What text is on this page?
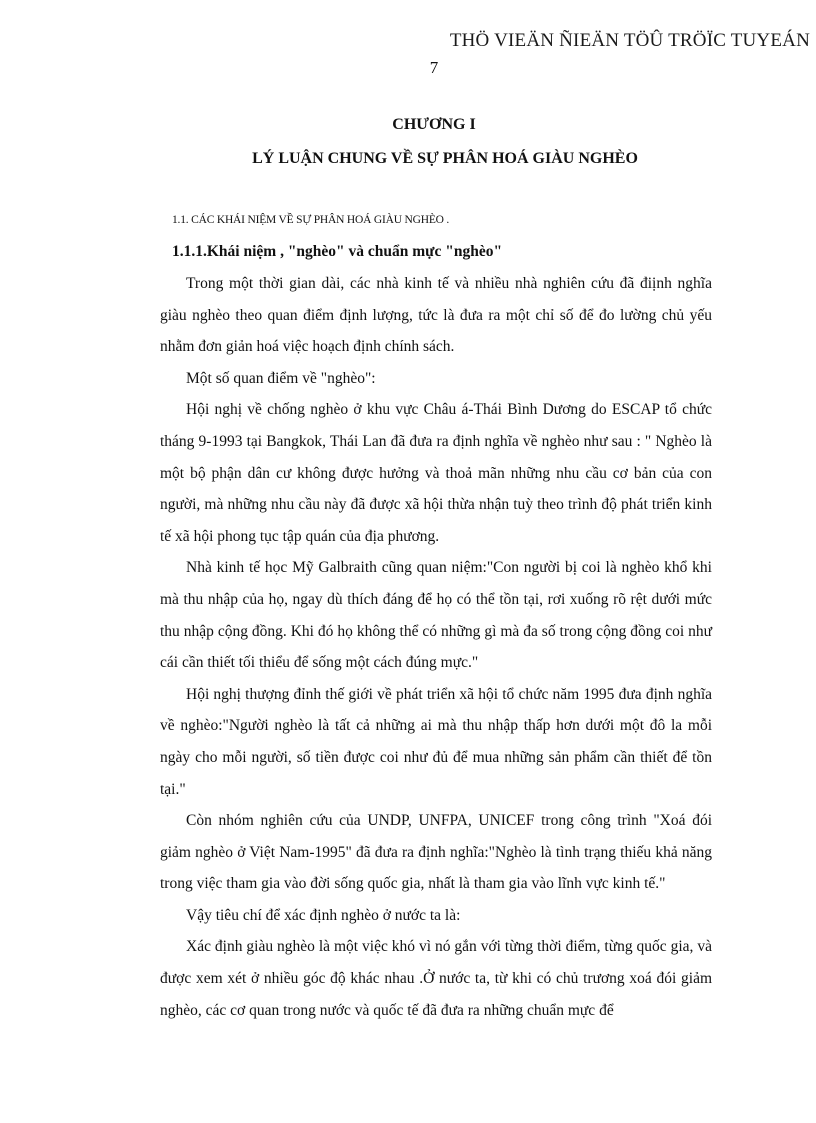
THÖ VIEÄN ÑIEÄN TÖÛ TRÖÏC TUYEÁN
7
CHƯƠNG I
LÝ LUẬN CHUNG VỀ SỰ PHÂN HOÁ GIÀU NGHÈO
1.1. CÁC KHÁI NIỆM VỀ SỰ PHÂN HOÁ GIÀU NGHÈO .
1.1.1.Khái niệm , "nghèo" và chuẩn mực "nghèo"

Trong một thời gian dài, các nhà kinh tế và nhiều nhà nghiên cứu đã điịnh nghĩa giàu nghèo theo quan điểm định lượng, tức là đưa ra một chỉ số để đo lường chủ yếu nhằm đơn giản hoá việc hoạch định chính sách.

Một số quan điểm về "nghèo":

Hội nghị về chống nghèo ở khu vực Châu á-Thái Bình Dương do ESCAP tổ chức tháng 9-1993 tại Bangkok, Thái Lan đã đưa ra định nghĩa về nghèo như sau : " Nghèo là một bộ phận dân cư không được hưởng và thoả mãn những nhu cầu cơ bản của con người, mà những nhu cầu này đã được xã hội thừa nhận tuỳ theo trình độ phát triển kinh tế xã hội phong tục tập quán của địa phương.

Nhà kinh tế học Mỹ Galbraith cũng quan niệm:"Con người bị coi là nghèo khổ khi mà thu nhập của họ, ngay dù thích đáng để họ có thể tồn tại, rơi xuống rõ rệt dưới mức thu nhập cộng đồng. Khi đó họ không thể có những gì mà đa số trong cộng đồng coi như cái cần thiết tối thiểu để sống một cách đúng mực."

Hội nghị thượng đỉnh thế giới về phát triển xã hội tổ chức năm 1995 đưa định nghĩa về nghèo:"Người nghèo là tất cả những ai mà thu nhập thấp hơn dưới một đô la mỗi ngày cho mỗi người, số tiền được coi như đủ để mua những sản phẩm cần thiết để tồn tại."

Còn nhóm nghiên cứu của UNDP, UNFPA, UNICEF trong công trình "Xoá đói giảm nghèo ở Việt Nam-1995" đã đưa ra định nghĩa:"Nghèo là tình trạng thiếu khả năng trong việc tham gia vào đời sống quốc gia, nhất là tham gia vào lĩnh vực kinh tế."

Vậy tiêu chí để xác định nghèo ở nước ta là:

Xác định giàu nghèo là một việc khó vì nó gắn với từng thời điểm, từng quốc gia, và được xem xét ở nhiều góc độ khác nhau .Ở nước ta, từ khi có chủ trương xoá đói giảm nghèo, các cơ quan trong nước và quốc tế đã đưa ra những chuẩn mực để
